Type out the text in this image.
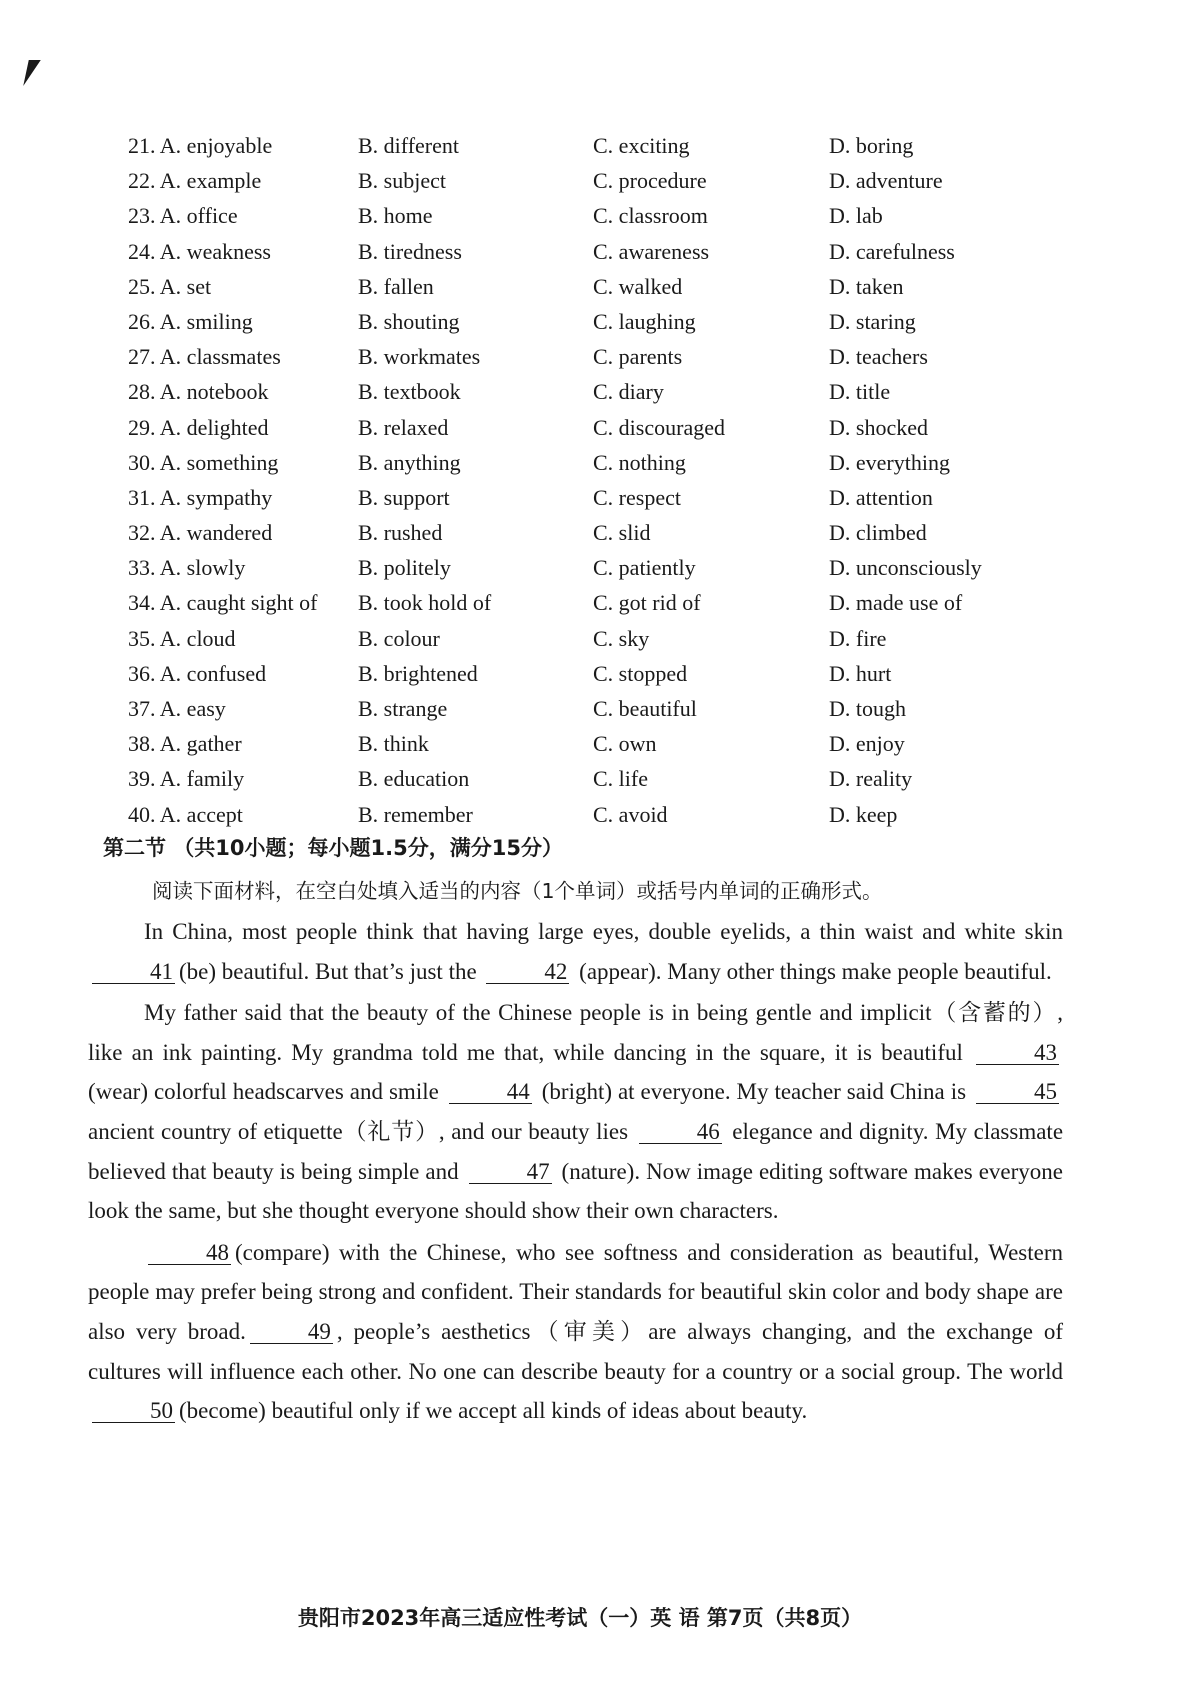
21. A. enjoyable	B. different	C. exciting	D. boring
22. A. example	B. subject	C. procedure	D. adventure
23. A. office	B. home	C. classroom	D. lab
24. A. weakness	B. tiredness	C. awareness	D. carefulness
25. A. set	B. fallen	C. walked	D. taken
26. A. smiling	B. shouting	C. laughing	D. staring
27. A. classmates	B. workmates	C. parents	D. teachers
28. A. notebook	B. textbook	C. diary	D. title
29. A. delighted	B. relaxed	C. discouraged	D. shocked
30. A. something	B. anything	C. nothing	D. everything
31. A. sympathy	B. support	C. respect	D. attention
32. A. wandered	B. rushed	C. slid	D. climbed
33. A. slowly	B. politely	C. patiently	D. unconsciously
34. A. caught sight of	B. took hold of	C. got rid of	D. made use of
35. A. cloud	B. colour	C. sky	D. fire
36. A. confused	B. brightened	C. stopped	D. hurt
37. A. easy	B. strange	C. beautiful	D. tough
38. A. gather	B. think	C. own	D. enjoy
39. A. family	B. education	C. life	D. reality
40. A. accept	B. remember	C. avoid	D. keep
第二节 （共10小题；每小题1.5分，满分15分）
阅读下面材料，在空白处填入适当的内容（1个单词）或括号内单词的正确形式。

In China, most people think that having large eyes, double eyelids, a thin waist and white skin 41 (be) beautiful. But that’s just the	42 (appear). Many other things make people beautiful.

My father said that the beauty of the Chinese people is in being gentle and implicit（含蓄的）, like an ink painting. My grandma told me that, while dancing in the square, it is beautiful	43 (wear) colorful headscarves and smile	44 (bright) at everyone. My teacher said China is	45 ancient country of etiquette（礼节）, and our beauty lies	46 elegance and dignity. My classmate believed that beauty is being simple and	47 (nature). Now image editing software makes everyone look the same, but she thought everyone should show their own characters.

48 (compare) with the Chinese, who see softness and consideration as beautiful, Western people may prefer being strong and confident. Their standards for beautiful skin color and body shape are also very broad.	49 , people’s aesthetics（审美）are always changing, and the exchange of cultures will influence each other. No one can describe beauty for a country or a social group. The world 50 (become) beautiful only if we accept all kinds of ideas about beauty.

贵阳市2023年高三适应性考试（一）英 语 第7页（共8页）
